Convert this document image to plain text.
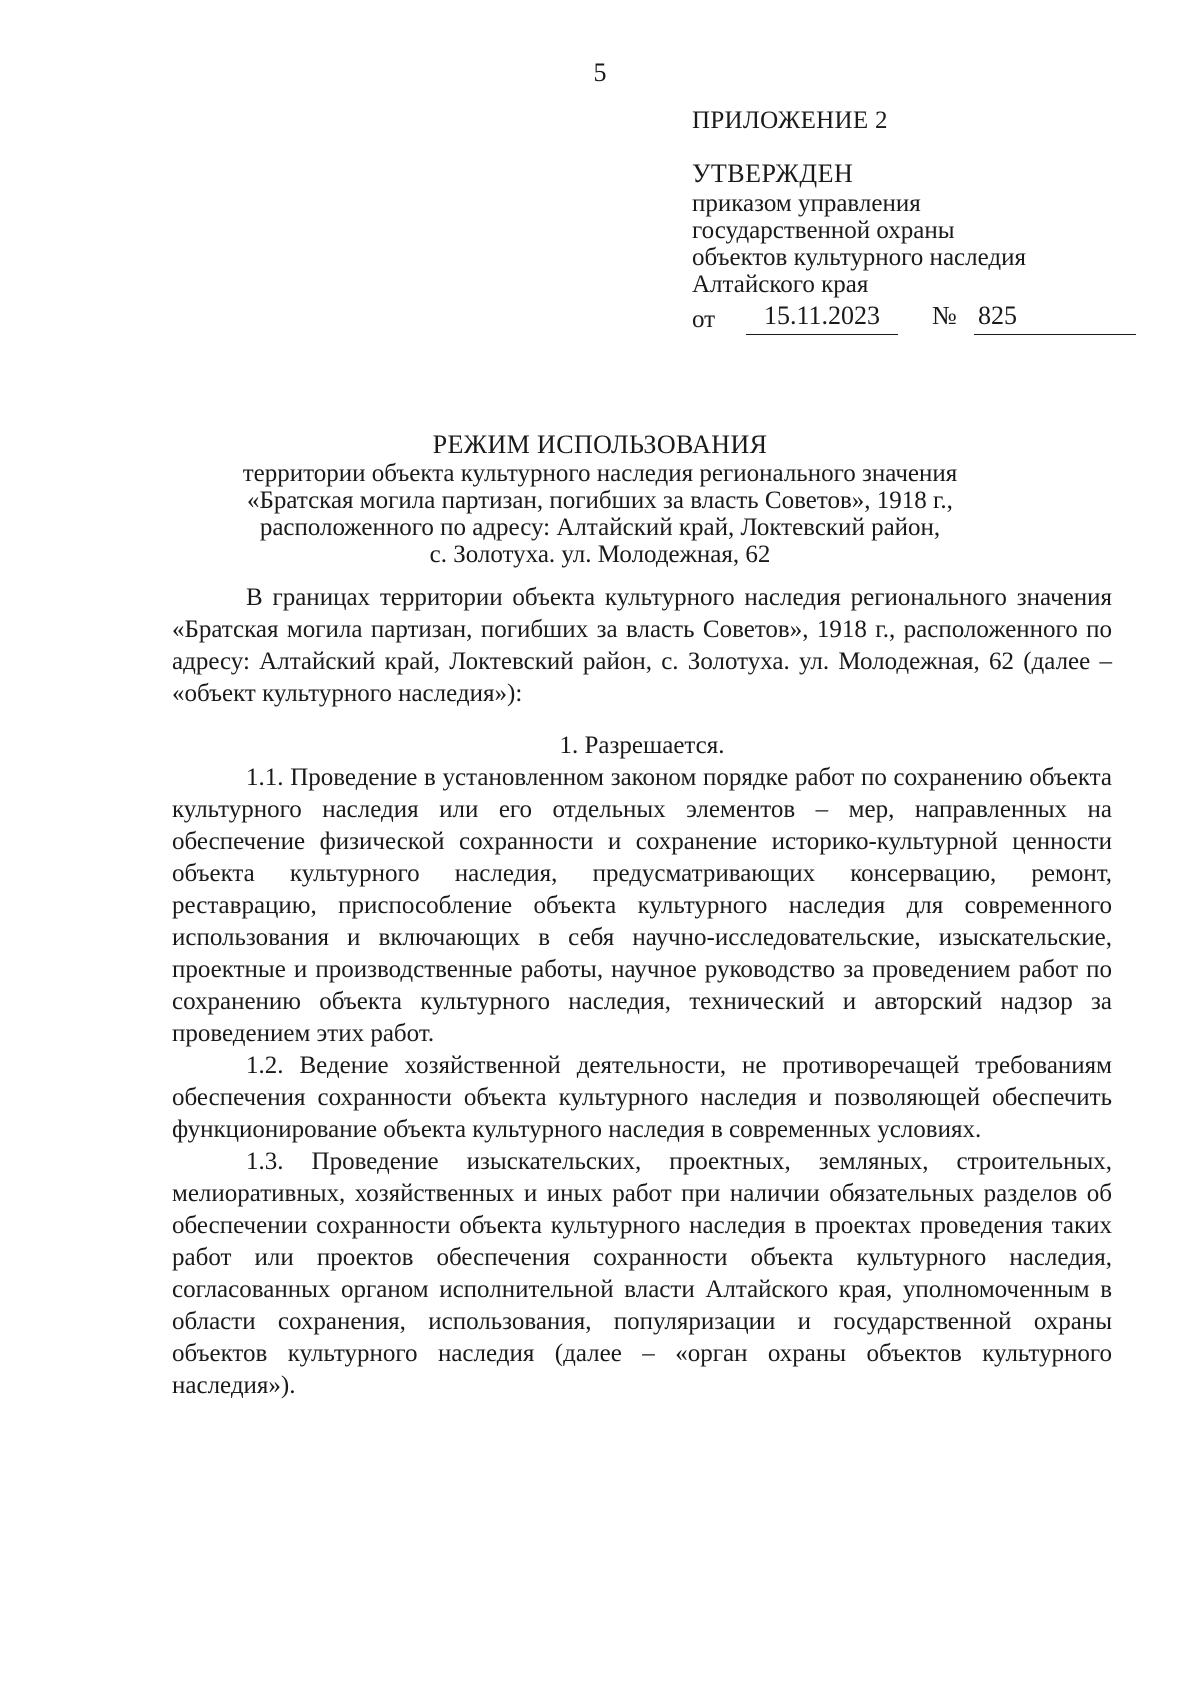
5
ПРИЛОЖЕНИЕ 2
УТВЕРЖДЕН
приказом управления
государственной охраны
объектов культурного наследия
Алтайского края
от	15.11.2023	№ 825
РЕЖИМ ИСПОЛЬЗОВАНИЯ
территории объекта культурного наследия регионального значения
«Братская могила партизан, погибших за власть Советов», 1918 г.,
расположенного по адресу: Алтайский край, Локтевский район,
с. Золотуха. ул. Молодежная, 62

В границах территории объекта культурного наследия регионального значения «Братская могила партизан, погибших за власть Советов», 1918 г., расположенного по адресу: Алтайский край, Локтевский район, с. Золотуха. ул. Молодежная, 62 (далее – «объект культурного наследия»):

1. Разрешается.

1.1. Проведение в установленном законом порядке работ по сохранению объекта культурного наследия или его отдельных элементов – мер, направленных на обеспечение физической сохранности и сохранение историко-культурной ценности объекта культурного наследия, предусматривающих консервацию, ремонт, реставрацию, приспособление объекта культурного наследия для современного использования и включающих в себя научно-исследовательские, изыскательские, проектные и производственные работы, научное руководство за проведением работ по сохранению объекта культурного наследия, технический и авторский надзор за проведением этих работ.

1.2. Ведение хозяйственной деятельности, не противоречащей требованиям обеспечения сохранности объекта культурного наследия и позволяющей обеспечить функционирование объекта культурного наследия в современных условиях.

1.3. Проведение изыскательских, проектных, земляных, строительных, мелиоративных, хозяйственных и иных работ при наличии обязательных разделов об обеспечении сохранности объекта культурного наследия в проектах проведения таких работ или проектов обеспечения сохранности объекта культурного наследия, согласованных органом исполнительной власти Алтайского края, уполномоченным в области сохранения, использования, популяризации и государственной охраны объектов культурного наследия (далее – «орган охраны объектов культурного наследия»).
